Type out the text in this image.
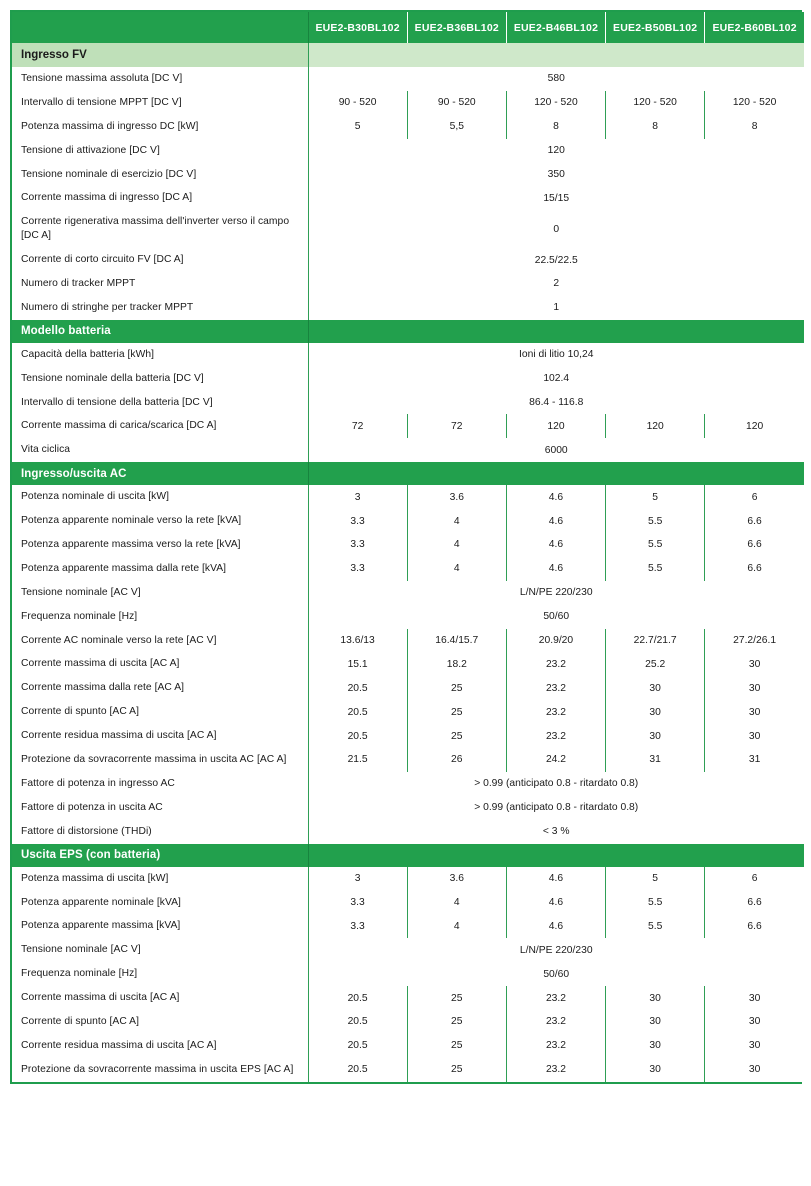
	EUE2-B30BL102	EUE2-B36BL102	EUE2-B46BL102	EUE2-B50BL102	EUE2-B60BL102
Ingresso FV					
Tensione massima assoluta [DC V]	580				
Intervallo di tensione MPPT [DC V]	90 - 520	90 - 520	120 - 520	120 - 520	120 - 520
Potenza massima di ingresso DC [kW]	5	5,5	8	8	8
Tensione di attivazione [DC V]	120				
Tensione nominale di esercizio [DC V]	350				
Corrente massima di ingresso [DC A]	15/15				
Corrente rigenerativa massima dell'inverter verso il campo [DC A]	0				
Corrente di corto circuito FV [DC A]	22.5/22.5				
Numero di tracker MPPT	2				
Numero di stringhe per tracker MPPT	1				
Modello batteria					
Capacità della batteria [kWh]	Ioni di litio 10,24				
Tensione nominale della batteria [DC V]	102.4				
Intervallo di tensione della batteria [DC V]	86.4 - 116.8				
Corrente massima di carica/scarica [DC A]	72	72	120	120	120
Vita ciclica	6000				
Ingresso/uscita AC					
Potenza nominale di uscita [kW]	3	3.6	4.6	5	6
Potenza apparente nominale verso la rete [kVA]	3.3	4	4.6	5.5	6.6
Potenza apparente massima verso la rete [kVA]	3.3	4	4.6	5.5	6.6
Potenza apparente massima dalla rete [kVA]	3.3	4	4.6	5.5	6.6
Tensione nominale [AC V]	L/N/PE 220/230				
Frequenza nominale [Hz]	50/60				
Corrente AC nominale verso la rete [AC V]	13.6/13	16.4/15.7	20.9/20	22.7/21.7	27.2/26.1
Corrente massima di uscita [AC A]	15.1	18.2	23.2	25.2	30
Corrente massima dalla rete [AC A]	20.5	25	23.2	30	30
Corrente di spunto [AC A]	20.5	25	23.2	30	30
Corrente residua massima di uscita [AC A]	20.5	25	23.2	30	30
Protezione da sovracorrente massima in uscita AC [AC A]	21.5	26	24.2	31	31
Fattore di potenza in ingresso AC	> 0.99 (anticipato 0.8 - ritardato 0.8)				
Fattore di potenza in uscita AC	> 0.99 (anticipato 0.8 - ritardato 0.8)				
Fattore di distorsione (THDi)	< 3 %				
Uscita EPS (con batteria)					
Potenza massima di uscita [kW]	3	3.6	4.6	5	6
Potenza apparente nominale [kVA]	3.3	4	4.6	5.5	6.6
Potenza apparente massima [kVA]	3.3	4	4.6	5.5	6.6
Tensione nominale [AC V]	L/N/PE 220/230				
Frequenza nominale [Hz]	50/60				
Corrente massima di uscita [AC A]	20.5	25	23.2	30	30
Corrente di spunto [AC A]	20.5	25	23.2	30	30
Corrente residua massima di uscita [AC A]	20.5	25	23.2	30	30
Protezione da sovracorrente massima in uscita EPS [AC A]	20.5	25	23.2	30	30
